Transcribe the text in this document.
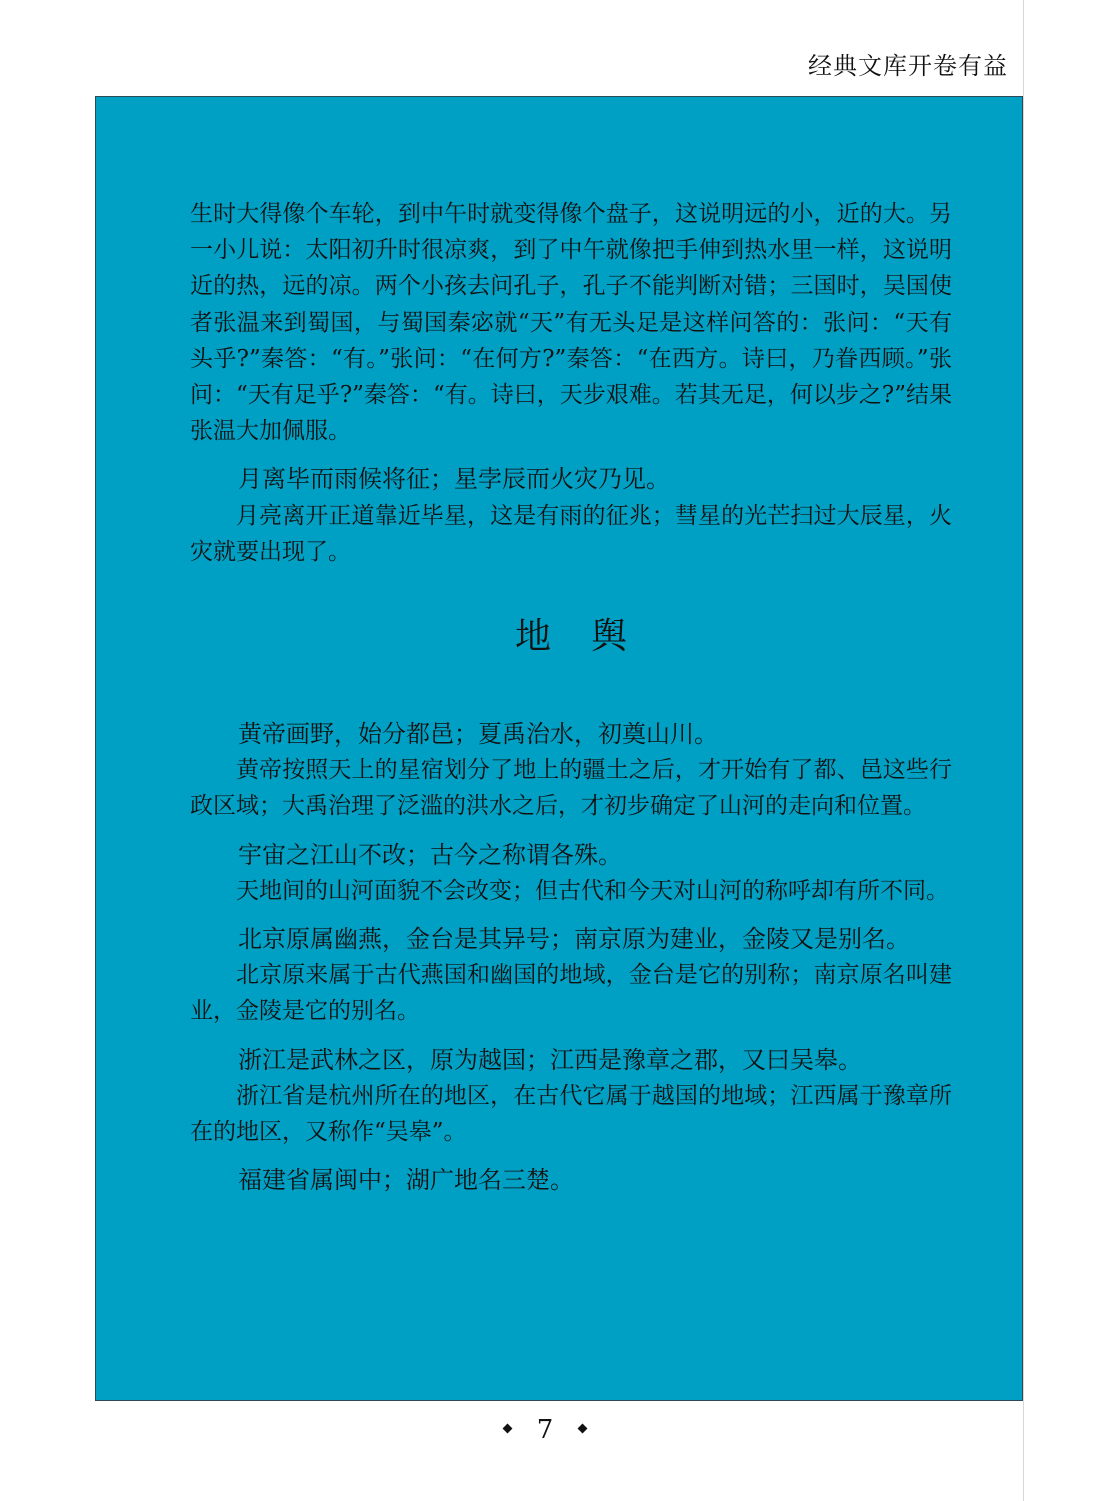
经典文库开卷有益

生时大得像个车轮，到中午时就变得像个盘子，这说明远的小，近的大。另一小儿说：太阳初升时很凉爽，到了中午就像把手伸到热水里一样，这说明近的热，远的凉。两个小孩去问孔子，孔子不能判断对错；三国时，吴国使者张温来到蜀国，与蜀国秦宓就“天”有无头足是这样问答的：张问：“天有头乎?”秦答：“有。”张问：“在何方?”秦答：“在西方。诗曰，乃眷西顾。”张问：“天有足乎?”秦答：“有。诗曰，天步艰难。若其无足，何以步之?”结果张温大加佩服。

月离毕而雨候将征；星孛辰而火灾乃见。

月亮离开正道靠近毕星，这是有雨的征兆；彗星的光芒扫过大辰星，火灾就要出现了。

地舆

黄帝画野，始分都邑；夏禹治水，初奠山川。

黄帝按照天上的星宿划分了地上的疆土之后，才开始有了都、邑这些行政区域；大禹治理了泛滥的洪水之后，才初步确定了山河的走向和位置。

宇宙之江山不改；古今之称谓各殊。

天地间的山河面貌不会改变；但古代和今天对山河的称呼却有所不同。

北京原属幽燕，金台是其异号；南京原为建业，金陵又是别名。

北京原来属于古代燕国和幽国的地域，金台是它的别称；南京原名叫建业，金陵是它的别名。

浙江是武林之区，原为越国；江西是豫章之郡，又曰吴皋。

浙江省是杭州所在的地区，在古代它属于越国的地域；江西属于豫章所在的地区，又称作“吴皋”。

福建省属闽中；湖广地名三楚。

7
